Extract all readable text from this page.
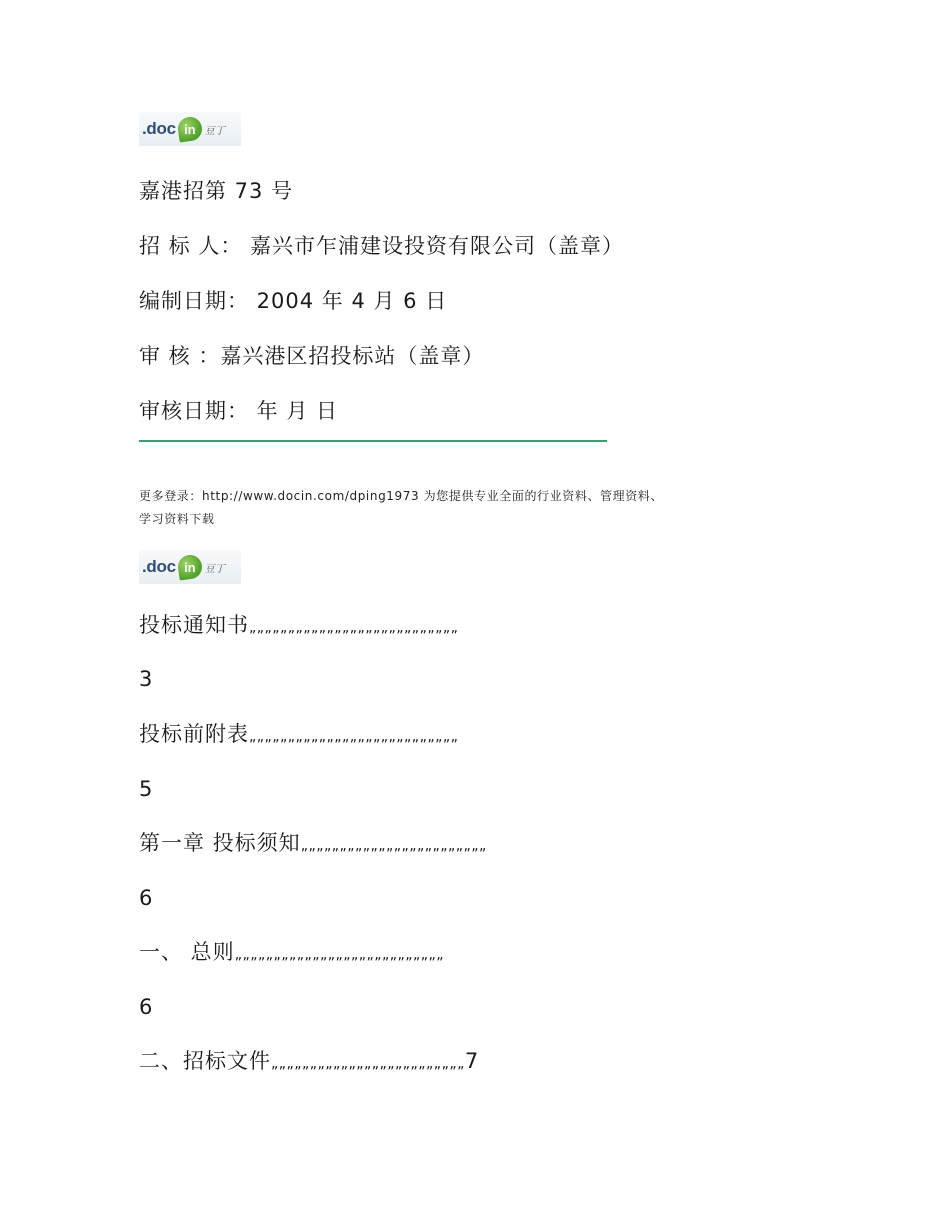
.doc in 豆丁
嘉港招第 73 号
招 标 人： 嘉兴市乍浦建设投资有限公司（盖章）
编制日期： 2004 年 4 月 6 日
审 核 ：嘉兴港区招投标站（盖章）
审核日期： 年 月 日
更多登录：http://www.docin.com/dping1973 为您提供专业全面的行业资料、管理资料、
学习资料下载
.doc in 豆丁
投标通知书„„„„„„„„„„„„„„„„„„„„„„„„„„„
3
投标前附表„„„„„„„„„„„„„„„„„„„„„„„„„„„
5
第一章 投标须知„„„„„„„„„„„„„„„„„„„„„„„„
6
一、 总则„„„„„„„„„„„„„„„„„„„„„„„„„„„
6
二、招标文件„„„„„„„„„„„„„„„„„„„„„„„„„7
